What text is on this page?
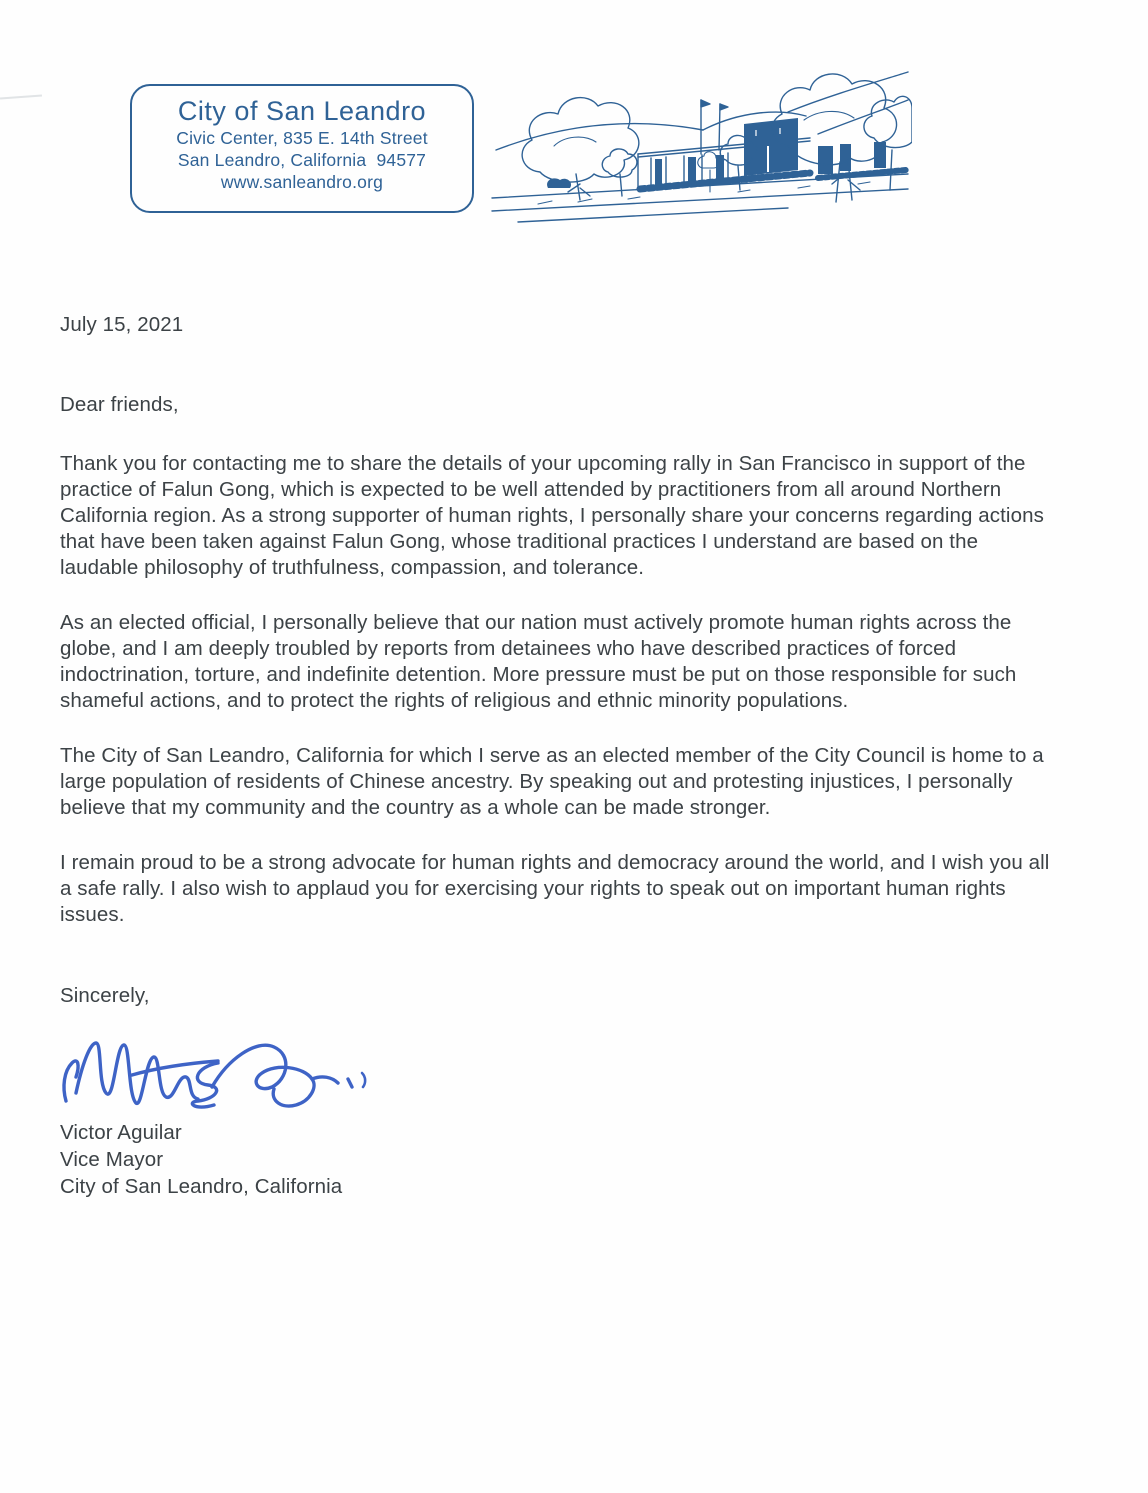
City of San Leandro
Civic Center, 835 E. 14th Street
San Leandro, California  94577
www.sanleandro.org
July 15, 2021
Dear friends,

Thank you for contacting me to share the details of your upcoming rally in San Francisco in support of the practice of Falun Gong, which is expected to be well attended by practitioners from all around Northern California region. As a strong supporter of human rights, I personally share your concerns regarding actions that have been taken against Falun Gong, whose traditional practices I understand are based on the laudable philosophy of truthfulness, compassion, and tolerance.

As an elected official, I personally believe that our nation must actively promote human rights across the globe, and I am deeply troubled by reports from detainees who have described practices of forced indoctrination, torture, and indefinite detention. More pressure must be put on those responsible for such shameful actions, and to protect the rights of religious and ethnic minority populations.

The City of San Leandro, California for which I serve as an elected member of the City Council is home to a large population of residents of Chinese ancestry. By speaking out and protesting injustices, I personally believe that my community and the country as a whole can be made stronger.

I remain proud to be a strong advocate for human rights and democracy around the world, and I wish you all a safe rally. I also wish to applaud you for exercising your rights to speak out on important human rights issues.

Sincerely,
Victor Aguilar
Vice Mayor
City of San Leandro, California
